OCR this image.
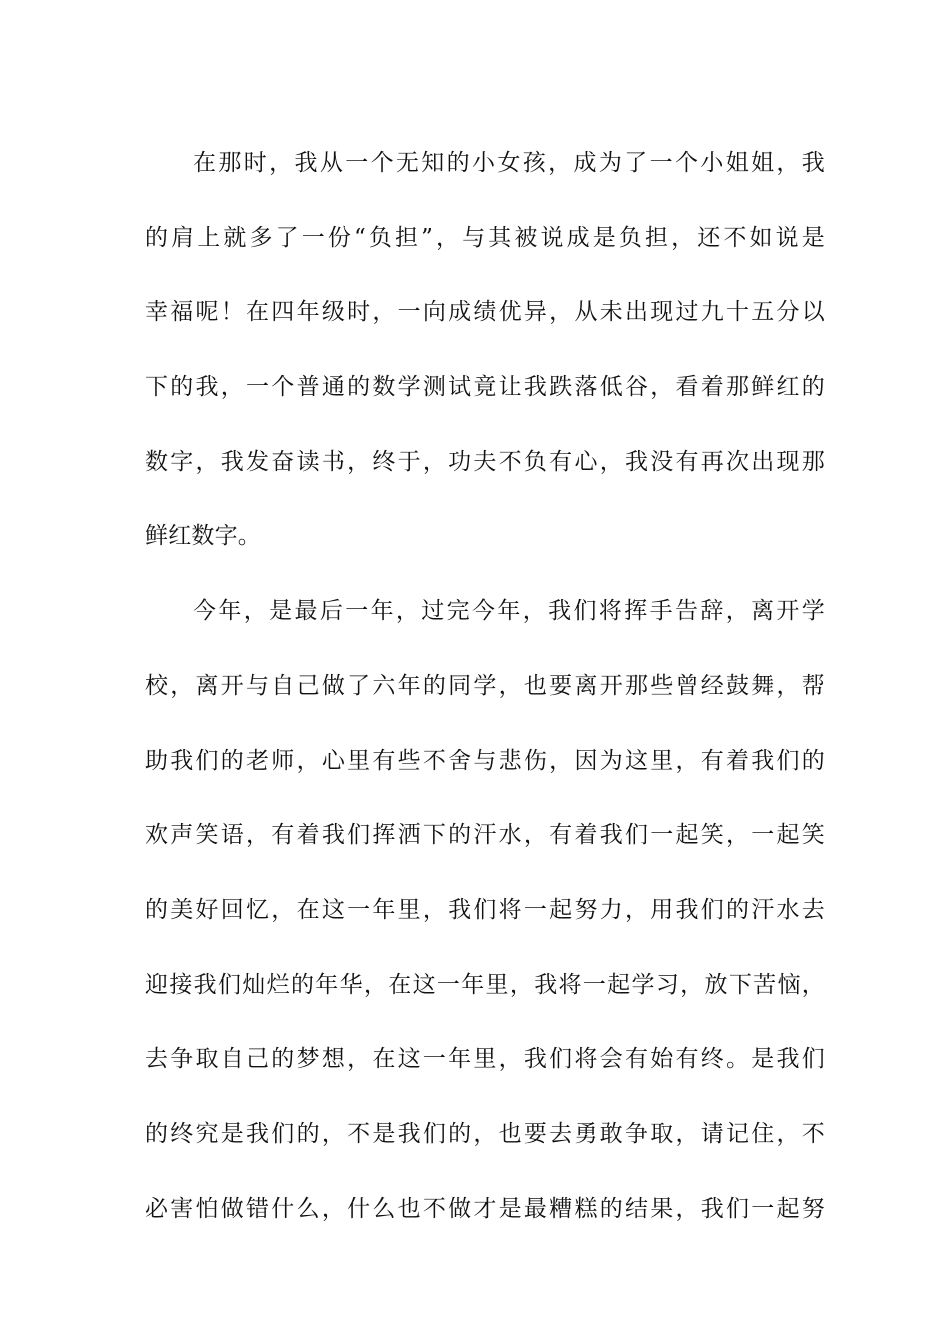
在那时，我从一个无知的小女孩，成为了一个小姐姐，我
的肩上就多了一份“负担”，与其被说成是负担，还不如说是
幸福呢！在四年级时，一向成绩优异，从未出现过九十五分以
下的我，一个普通的数学测试竟让我跌落低谷，看着那鲜红的
数字，我发奋读书，终于，功夫不负有心，我没有再次出现那
鲜红数字。
今年，是最后一年，过完今年，我们将挥手告辞，离开学
校，离开与自己做了六年的同学，也要离开那些曾经鼓舞，帮
助我们的老师，心里有些不舍与悲伤，因为这里，有着我们的
欢声笑语，有着我们挥洒下的汗水，有着我们一起笑，一起笑
的美好回忆，在这一年里，我们将一起努力，用我们的汗水去
迎接我们灿烂的年华，在这一年里，我将一起学习，放下苦恼，
去争取自己的梦想，在这一年里，我们将会有始有终。是我们
的终究是我们的，不是我们的，也要去勇敢争取，请记住，不
必害怕做错什么，什么也不做才是最糟糕的结果，我们一起努
